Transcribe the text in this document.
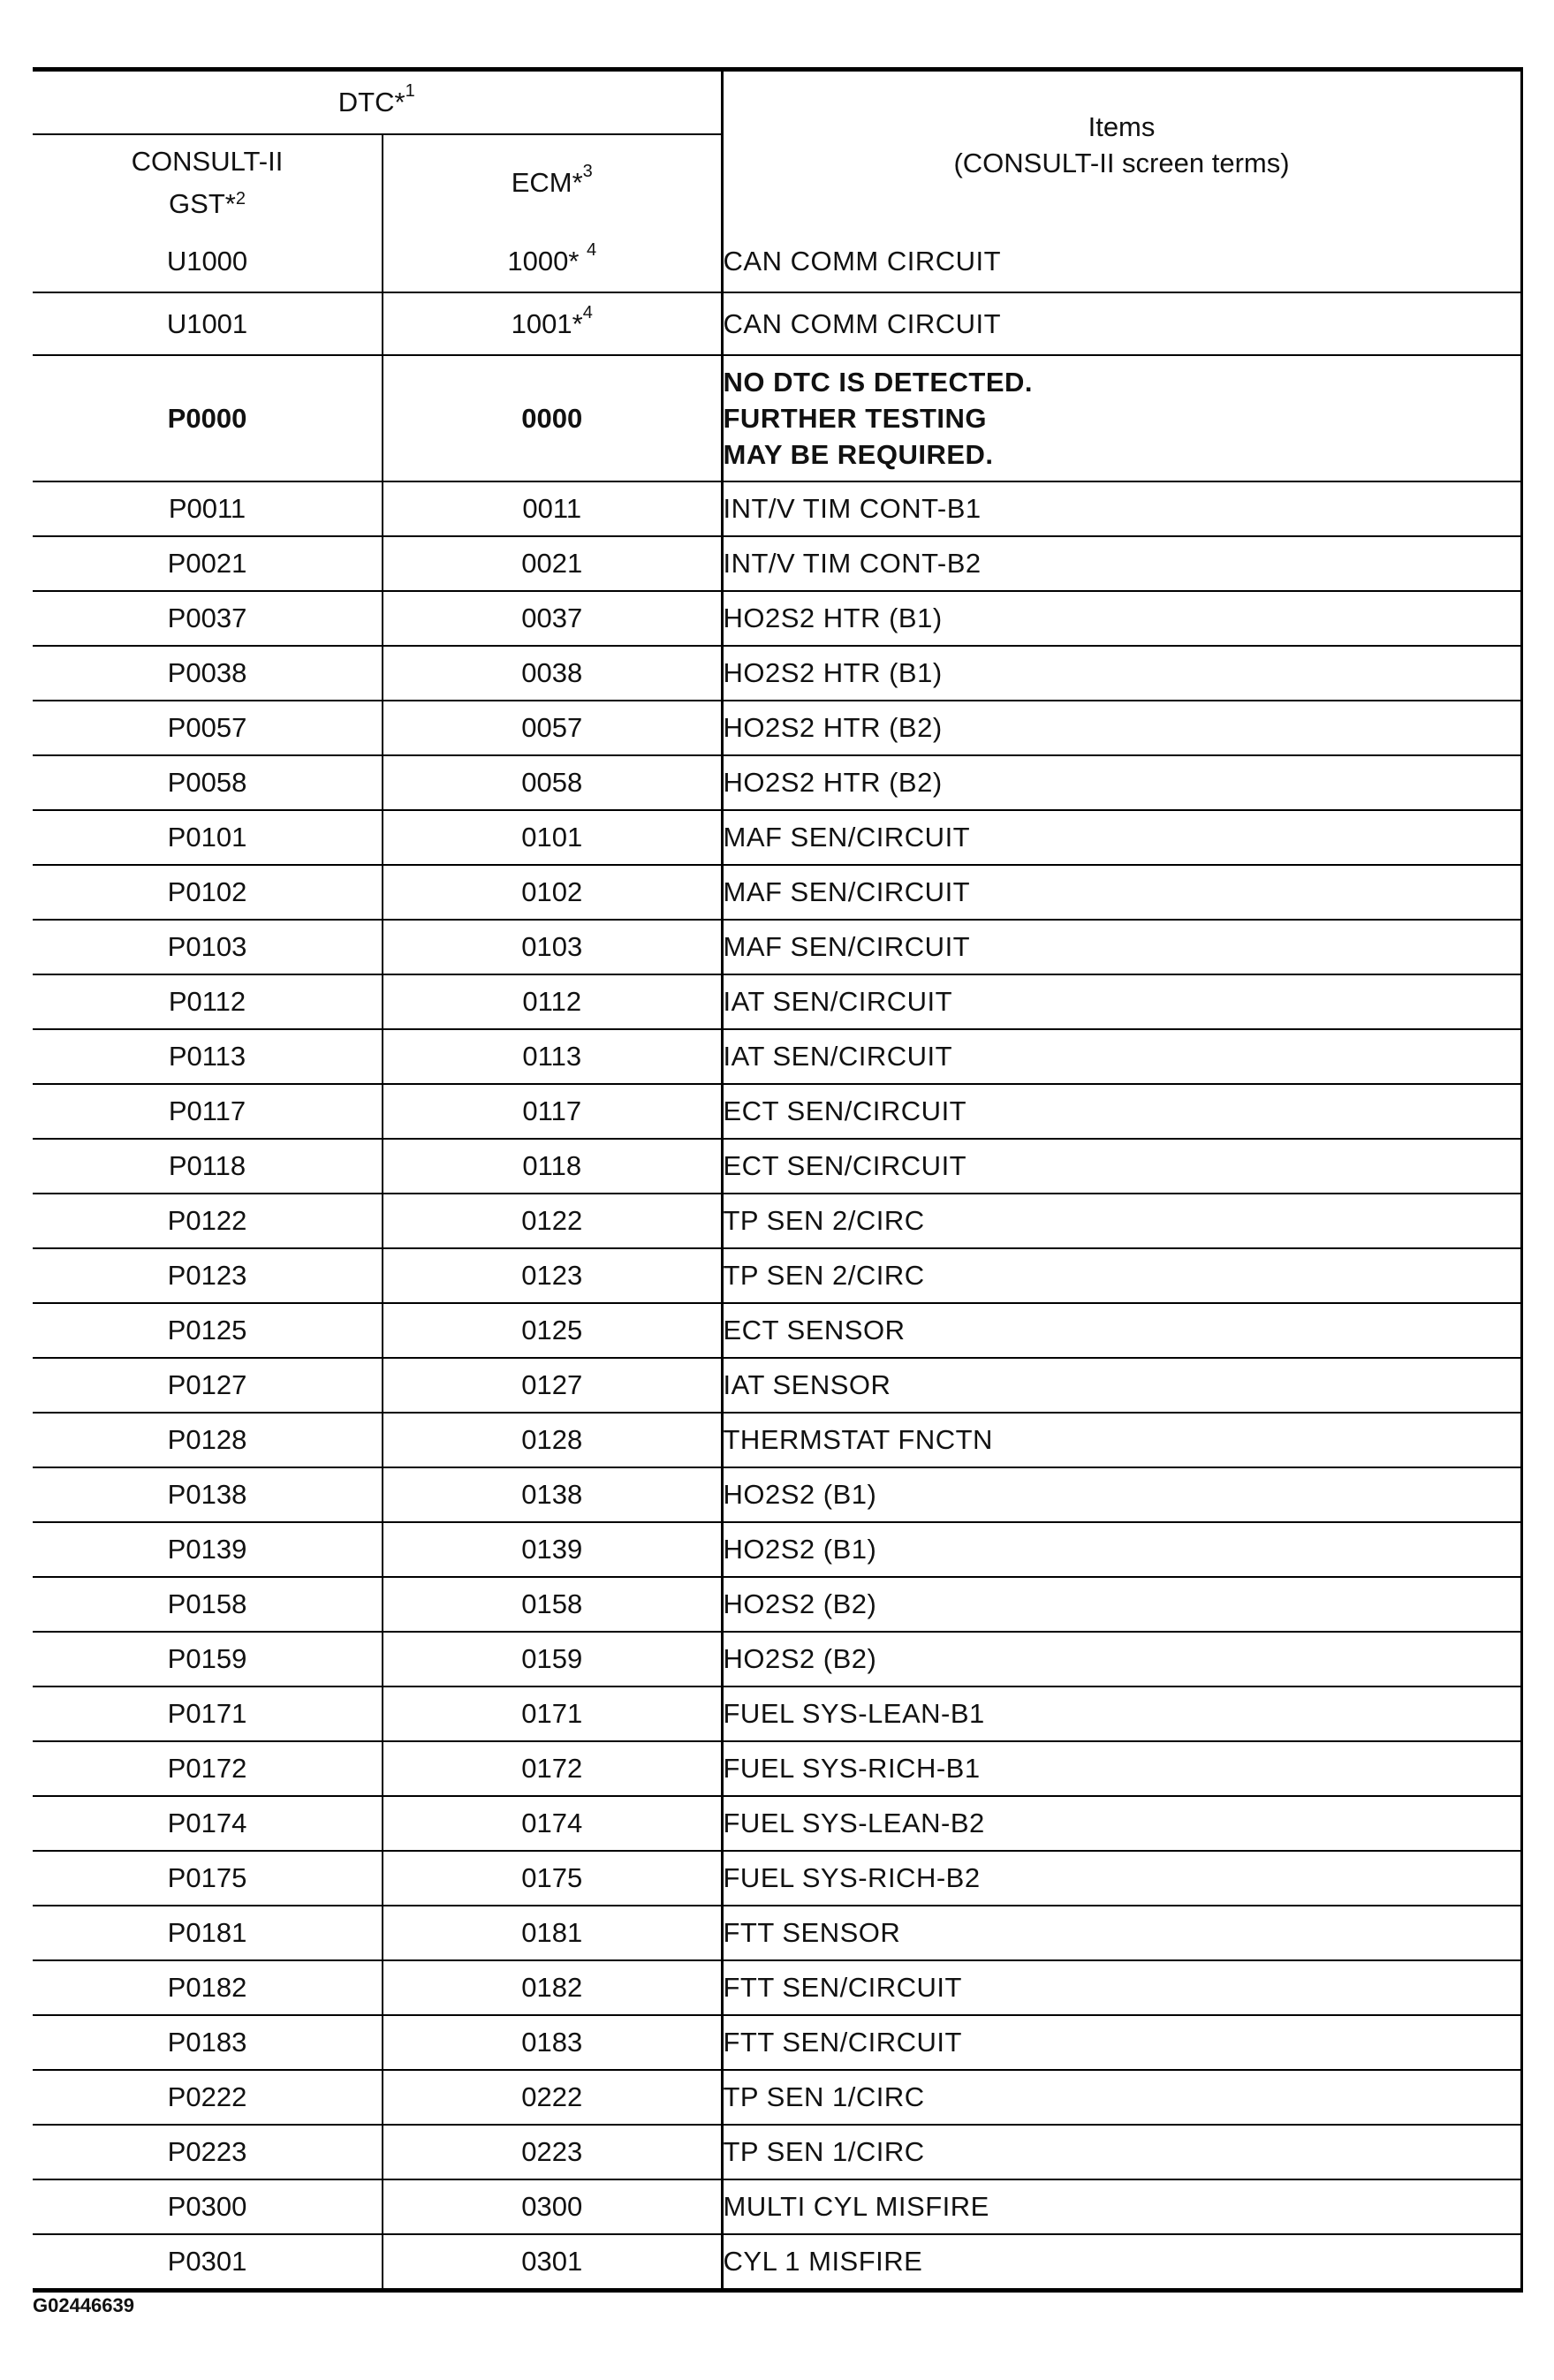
DTC*$^1$		Items
(CONSULT-II screen terms)

CONSULT-II
GST*$^2$	ECM*$^3$
U1000	1000* $^4$	CAN COMM CIRCUIT
U1001	1001*$^4$	CAN COMM CIRCUIT
P0000	0000	NO DTC IS DETECTED.
FURTHER TESTING
MAY BE REQUIRED.

P0011	0011	INT/V TIM CONT-B1
P0021	0021	INT/V TIM CONT-B2
P0037	0037	HO2S2 HTR (B1)
P0038	0038	HO2S2 HTR (B1)
P0057	0057	HO2S2 HTR (B2)
P0058	0058	HO2S2 HTR (B2)
P0101	0101	MAF SEN/CIRCUIT
P0102	0102	MAF SEN/CIRCUIT
P0103	0103	MAF SEN/CIRCUIT
P0112	0112	IAT SEN/CIRCUIT
P0113	0113	IAT SEN/CIRCUIT
P0117	0117	ECT SEN/CIRCUIT
P0118	0118	ECT SEN/CIRCUIT
P0122	0122	TP SEN 2/CIRC
P0123	0123	TP SEN 2/CIRC
P0125	0125	ECT SENSOR
P0127	0127	IAT SENSOR
P0128	0128	THERMSTAT FNCTN
P0138	0138	HO2S2 (B1)
P0139	0139	HO2S2 (B1)
P0158	0158	HO2S2 (B2)
P0159	0159	HO2S2 (B2)
P0171	0171	FUEL SYS-LEAN-B1
P0172	0172	FUEL SYS-RICH-B1
P0174	0174	FUEL SYS-LEAN-B2
P0175	0175	FUEL SYS-RICH-B2
P0181	0181	FTT SENSOR
P0182	0182	FTT SEN/CIRCUIT
P0183	0183	FTT SEN/CIRCUIT
P0222	0222	TP SEN 1/CIRC
P0223	0223	TP SEN 1/CIRC
P0300	0300	MULTI CYL MISFIRE
P0301	0301	CYL 1 MISFIRE
G02446639
